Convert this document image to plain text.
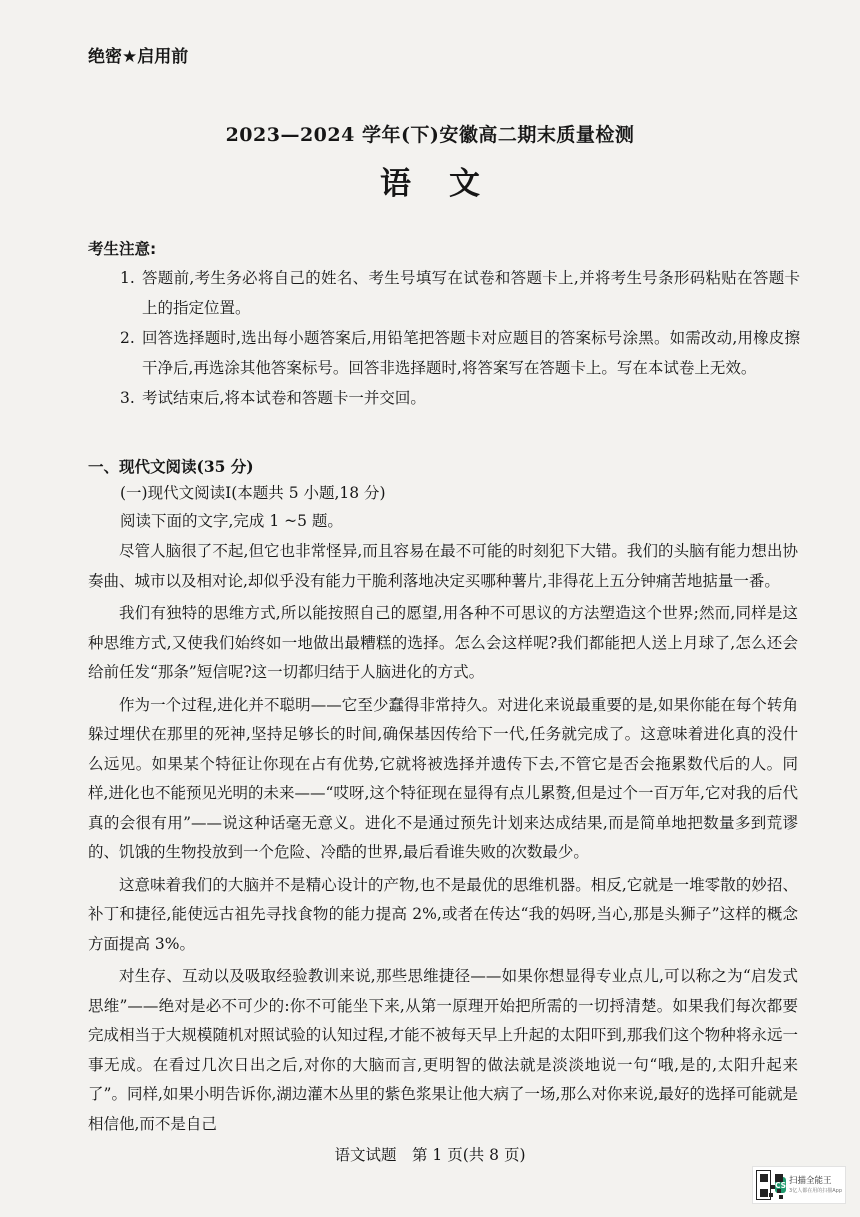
绝密★启用前
2023—2024 学年(下)安徽高二期末质量检测
语文
考生注意:
1. 答题前,考生务必将自己的姓名、考生号填写在试卷和答题卡上,并将考生号条形码粘贴在答题卡上的指定位置。
2. 回答选择题时,选出每小题答案后,用铅笔把答题卡对应题目的答案标号涂黑。如需改动,用橡皮擦干净后,再选涂其他答案标号。回答非选择题时,将答案写在答题卡上。写在本试卷上无效。
3. 考试结束后,将本试卷和答题卡一并交回。
一、现代文阅读(35 分)
(一)现代文阅读Ⅰ(本题共 5 小题,18 分)
阅读下面的文字,完成 1 ~5 题。

尽管人脑很了不起,但它也非常怪异,而且容易在最不可能的时刻犯下大错。我们的头脑有能力想出协奏曲、城市以及相对论,却似乎没有能力干脆利落地决定买哪种薯片,非得花上五分钟痛苦地掂量一番。

我们有独特的思维方式,所以能按照自己的愿望,用各种不可思议的方法塑造这个世界;然而,同样是这种思维方式,又使我们始终如一地做出最糟糕的选择。怎么会这样呢?我们都能把人送上月球了,怎么还会给前任发“那条”短信呢?这一切都归结于人脑进化的方式。

作为一个过程,进化并不聪明——它至少蠢得非常持久。对进化来说最重要的是,如果你能在每个转角躲过埋伏在那里的死神,坚持足够长的时间,确保基因传给下一代,任务就完成了。这意味着进化真的没什么远见。如果某个特征让你现在占有优势,它就将被选择并遗传下去,不管它是否会拖累数代后的人。同样,进化也不能预见光明的未来——“哎呀,这个特征现在显得有点儿累赘,但是过个一百万年,它对我的后代真的会很有用”——说这种话毫无意义。进化不是通过预先计划来达成结果,而是简单地把数量多到荒谬的、饥饿的生物投放到一个危险、冷酷的世界,最后看谁失败的次数最少。

这意味着我们的大脑并不是精心设计的产物,也不是最优的思维机器。相反,它就是一堆零散的妙招、补丁和捷径,能使远古祖先寻找食物的能力提高 2%,或者在传达“我的妈呀,当心,那是头狮子”这样的概念方面提高 3%。

对生存、互动以及吸取经验教训来说,那些思维捷径——如果你想显得专业点儿,可以称之为“启发式思维”——绝对是必不可少的:你不可能坐下来,从第一原理开始把所需的一切捋清楚。如果我们每次都要完成相当于大规模随机对照试验的认知过程,才能不被每天早上升起的太阳吓到,那我们这个物种将永远一事无成。在看过几次日出之后,对你的大脑而言,更明智的做法就是淡淡地说一句“哦,是的,太阳升起来了”。同样,如果小明告诉你,湖边灌木丛里的紫色浆果让他大病了一场,那么对你来说,最好的选择可能就是相信他,而不是自己

语文试题　第 1 页(共 8 页)
CS 扫描全能王
3亿人都在用的扫描App
